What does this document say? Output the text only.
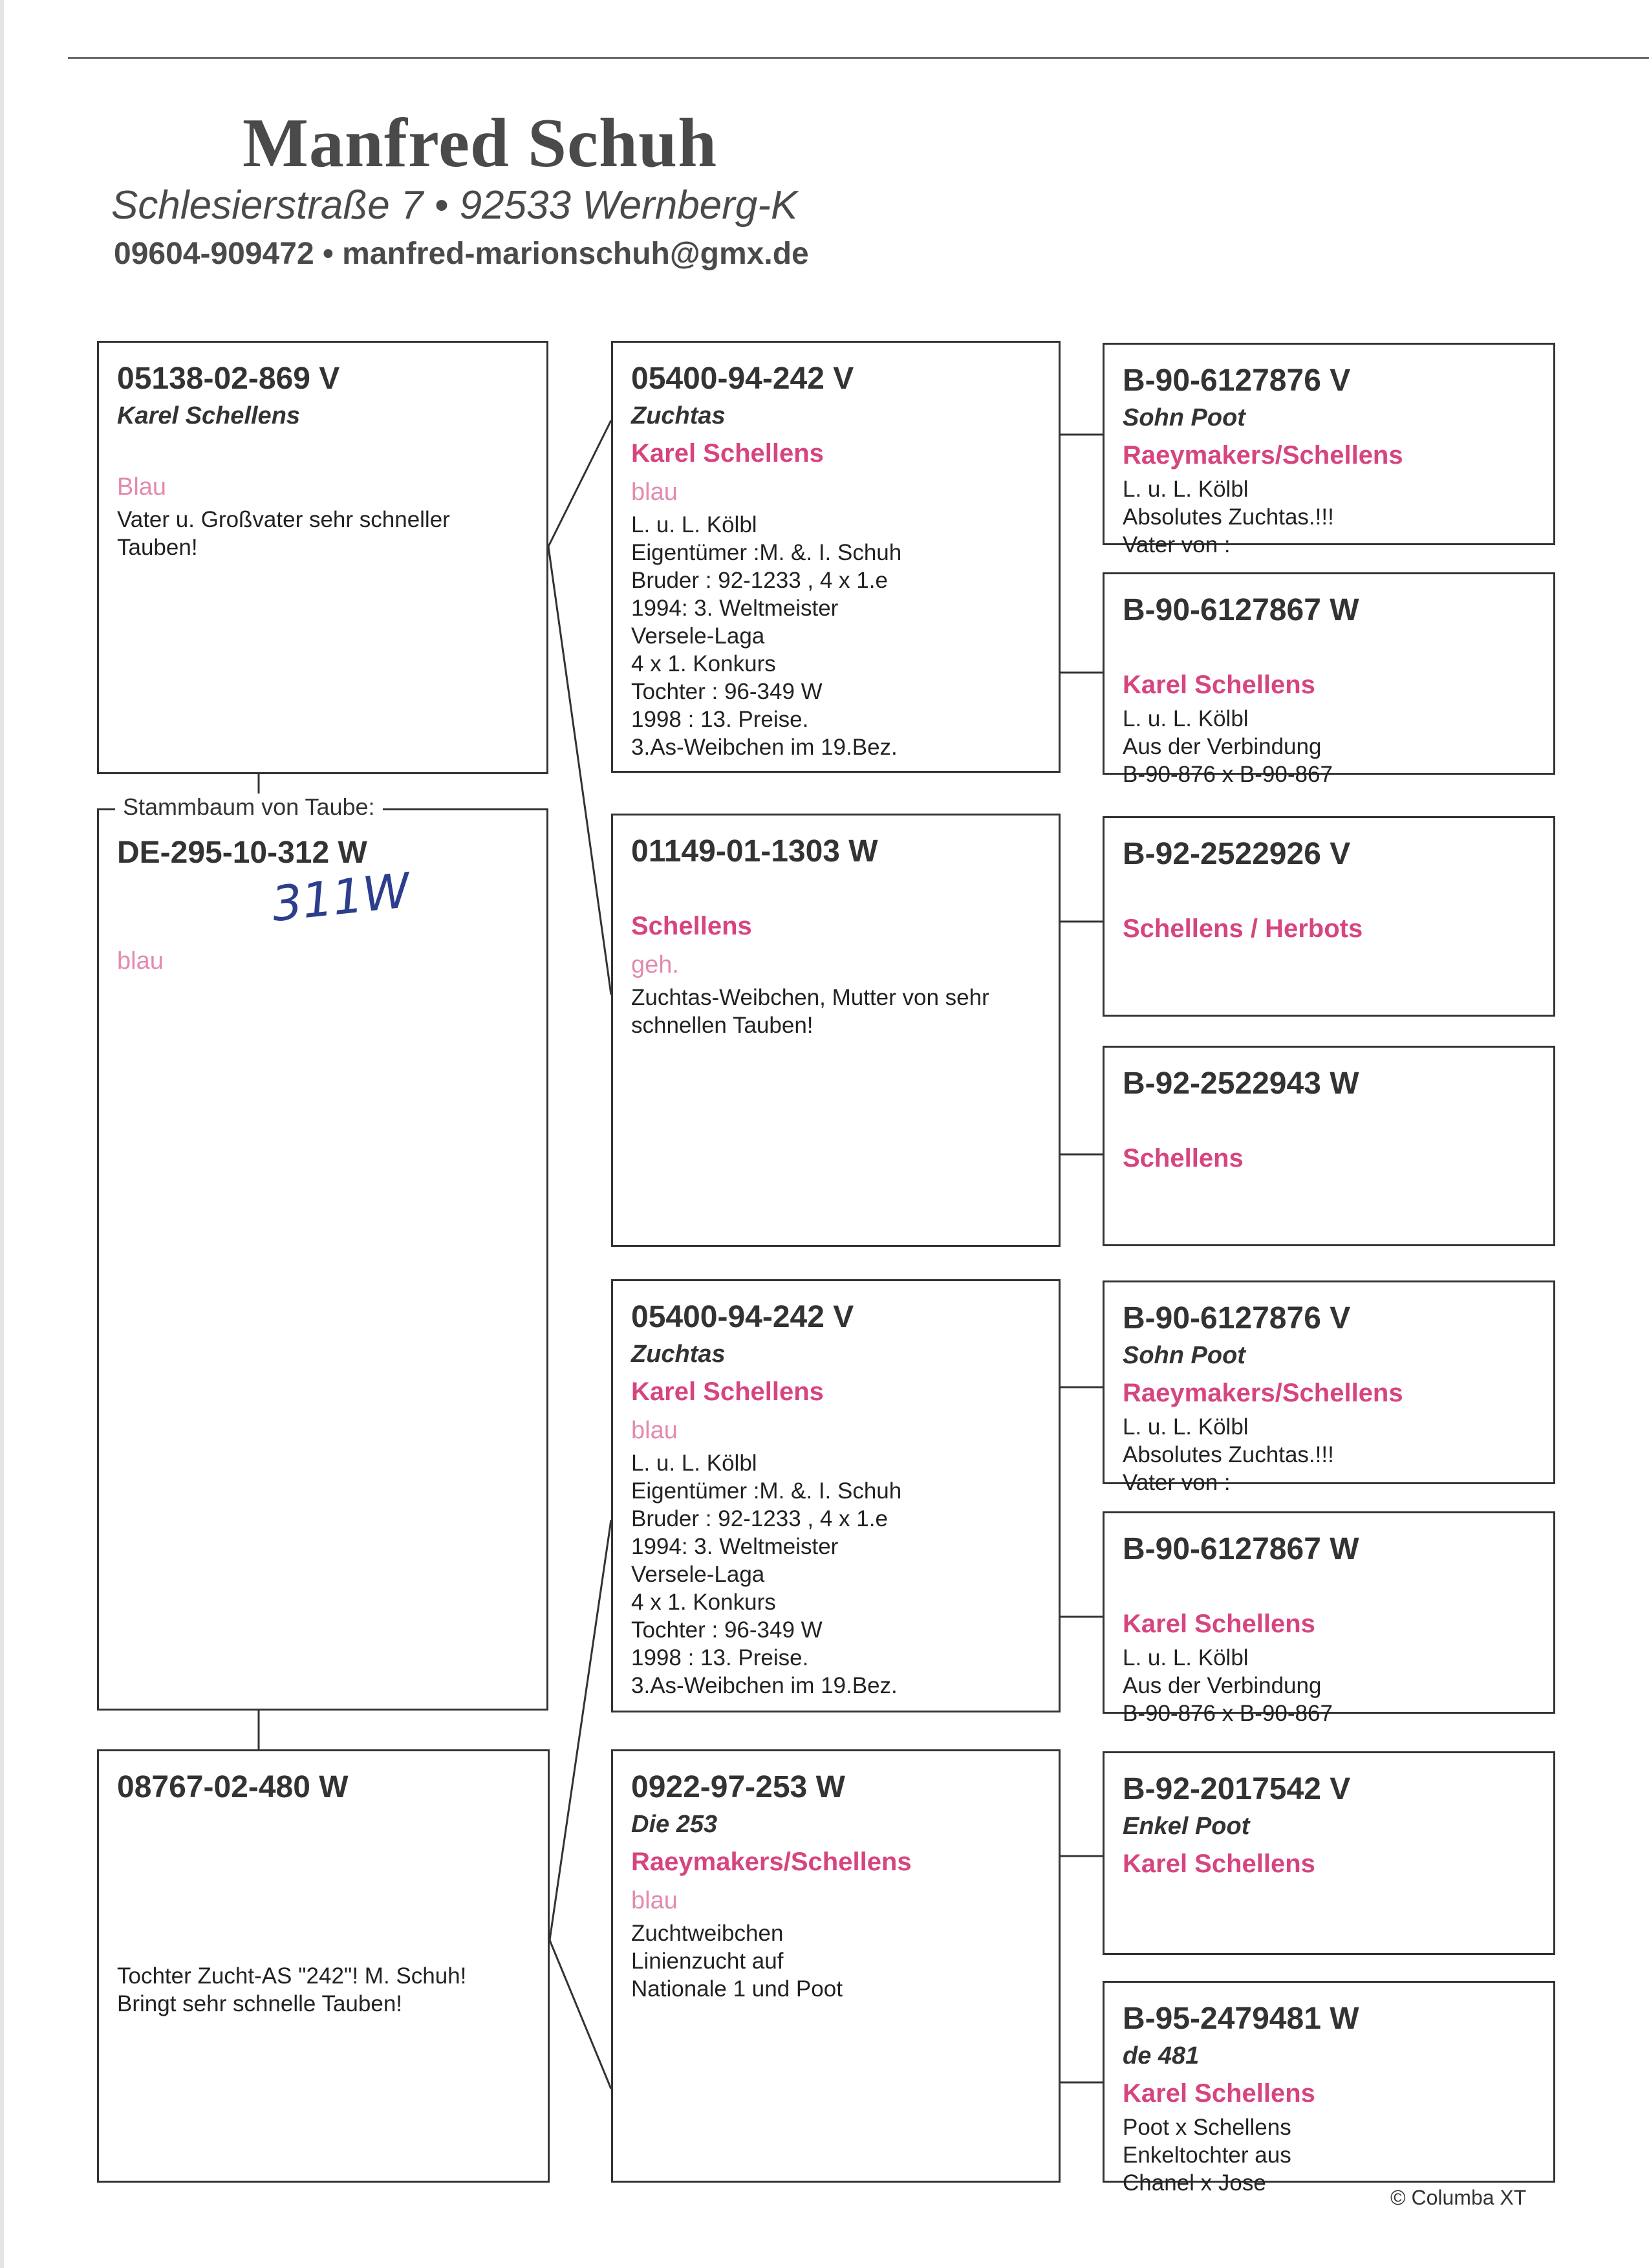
Manfred Schuh
Schlesierstraße 7 • 92533 Wernberg-K
09604-909472 • manfred-marionschuh@gmx.de
05138-02-869 V
Karel Schellens
Blau
Vater u. Großvater sehr schneller
Tauben!
DE-295-10-312 W
blau
Stammbaum von Taube:
311W
08767-02-480 W
Tochter Zucht-AS "242"! M. Schuh!
Bringt sehr schnelle Tauben!
05400-94-242 V
Zuchtas
Karel Schellens
blau
L. u. L. Kölbl
Eigentümer :M. &. I. Schuh
Bruder : 92-1233 , 4 x 1.e
1994: 3. Weltmeister
Versele-Laga
4 x 1. Konkurs
Tochter : 96-349 W
1998 : 13. Preise.
3.As-Weibchen im 19.Bez.
01149-01-1303 W
Schellens
geh.
Zuchtas-Weibchen, Mutter von sehr
schnellen Tauben!
05400-94-242 V
Zuchtas
Karel Schellens
blau
L. u. L. Kölbl
Eigentümer :M. &. I. Schuh
Bruder : 92-1233 , 4 x 1.e
1994: 3. Weltmeister
Versele-Laga
4 x 1. Konkurs
Tochter : 96-349 W
1998 : 13. Preise.
3.As-Weibchen im 19.Bez.
0922-97-253 W
Die 253
Raeymakers/Schellens
blau
Zuchtweibchen
Linienzucht auf
Nationale 1 und Poot
B-90-6127876 V
Sohn Poot
Raeymakers/Schellens
L. u. L. Kölbl
Absolutes Zuchtas.!!!
Vater von :
B-90-6127867 W
Karel Schellens
L. u. L. Kölbl
Aus der Verbindung
B-90-876 x B-90-867
B-92-2522926 V
Schellens / Herbots
B-92-2522943 W
Schellens
B-90-6127876 V
Sohn Poot
Raeymakers/Schellens
L. u. L. Kölbl
Absolutes Zuchtas.!!!
Vater von :
B-90-6127867 W
Karel Schellens
L. u. L. Kölbl
Aus der Verbindung
B-90-876 x B-90-867
B-92-2017542 V
Enkel Poot
Karel Schellens
B-95-2479481 W
de 481
Karel Schellens
Poot x Schellens
Enkeltochter aus
Chanel x Jose
© Columba XT
